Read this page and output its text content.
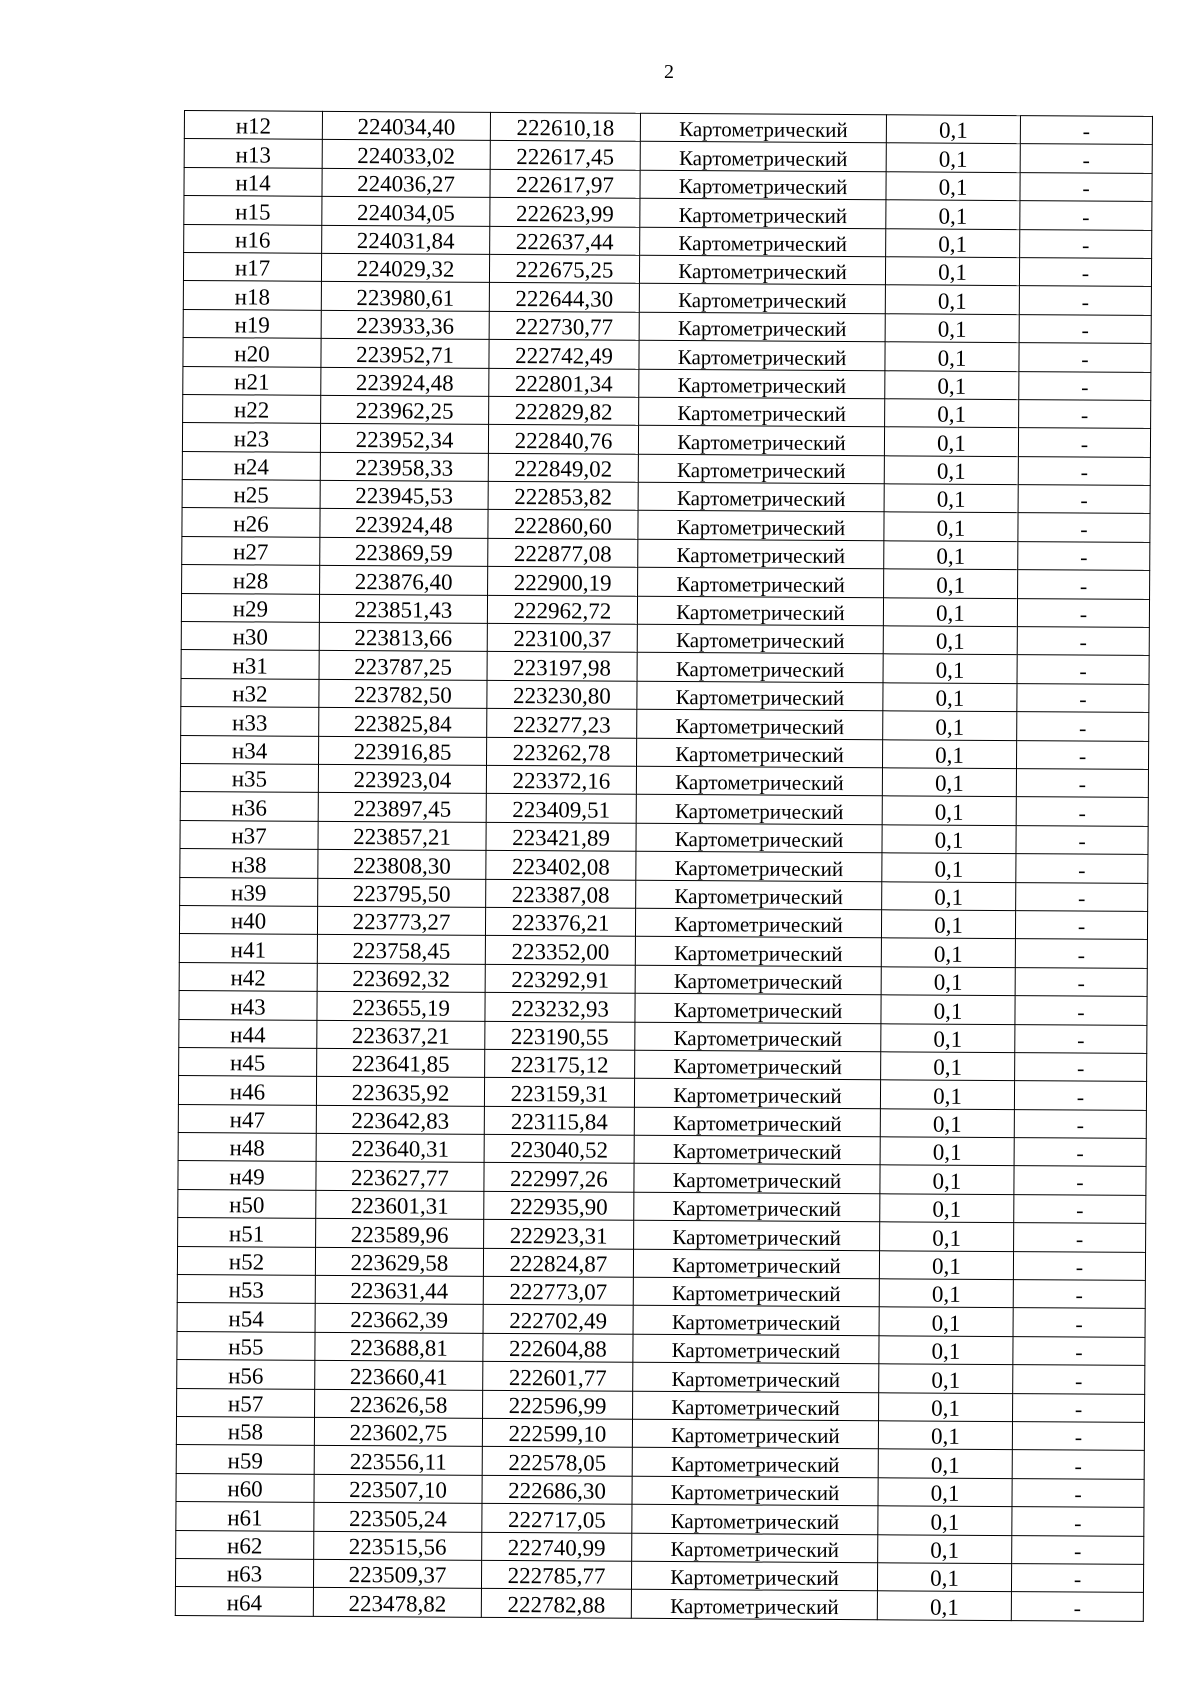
2
н12	224034,40	222610,18	Картометрический	0,1	-
н13	224033,02	222617,45	Картометрический	0,1	-
н14	224036,27	222617,97	Картометрический	0,1	-
н15	224034,05	222623,99	Картометрический	0,1	-
н16	224031,84	222637,44	Картометрический	0,1	-
н17	224029,32	222675,25	Картометрический	0,1	-
н18	223980,61	222644,30	Картометрический	0,1	-
н19	223933,36	222730,77	Картометрический	0,1	-
н20	223952,71	222742,49	Картометрический	0,1	-
н21	223924,48	222801,34	Картометрический	0,1	-
н22	223962,25	222829,82	Картометрический	0,1	-
н23	223952,34	222840,76	Картометрический	0,1	-
н24	223958,33	222849,02	Картометрический	0,1	-
н25	223945,53	222853,82	Картометрический	0,1	-
н26	223924,48	222860,60	Картометрический	0,1	-
н27	223869,59	222877,08	Картометрический	0,1	-
н28	223876,40	222900,19	Картометрический	0,1	-
н29	223851,43	222962,72	Картометрический	0,1	-
н30	223813,66	223100,37	Картометрический	0,1	-
н31	223787,25	223197,98	Картометрический	0,1	-
н32	223782,50	223230,80	Картометрический	0,1	-
н33	223825,84	223277,23	Картометрический	0,1	-
н34	223916,85	223262,78	Картометрический	0,1	-
н35	223923,04	223372,16	Картометрический	0,1	-
н36	223897,45	223409,51	Картометрический	0,1	-
н37	223857,21	223421,89	Картометрический	0,1	-
н38	223808,30	223402,08	Картометрический	0,1	-
н39	223795,50	223387,08	Картометрический	0,1	-
н40	223773,27	223376,21	Картометрический	0,1	-
н41	223758,45	223352,00	Картометрический	0,1	-
н42	223692,32	223292,91	Картометрический	0,1	-
н43	223655,19	223232,93	Картометрический	0,1	-
н44	223637,21	223190,55	Картометрический	0,1	-
н45	223641,85	223175,12	Картометрический	0,1	-
н46	223635,92	223159,31	Картометрический	0,1	-
н47	223642,83	223115,84	Картометрический	0,1	-
н48	223640,31	223040,52	Картометрический	0,1	-
н49	223627,77	222997,26	Картометрический	0,1	-
н50	223601,31	222935,90	Картометрический	0,1	-
н51	223589,96	222923,31	Картометрический	0,1	-
н52	223629,58	222824,87	Картометрический	0,1	-
н53	223631,44	222773,07	Картометрический	0,1	-
н54	223662,39	222702,49	Картометрический	0,1	-
н55	223688,81	222604,88	Картометрический	0,1	-
н56	223660,41	222601,77	Картометрический	0,1	-
н57	223626,58	222596,99	Картометрический	0,1	-
н58	223602,75	222599,10	Картометрический	0,1	-
н59	223556,11	222578,05	Картометрический	0,1	-
н60	223507,10	222686,30	Картометрический	0,1	-
н61	223505,24	222717,05	Картометрический	0,1	-
н62	223515,56	222740,99	Картометрический	0,1	-
н63	223509,37	222785,77	Картометрический	0,1	-
н64	223478,82	222782,88	Картометрический	0,1	-
